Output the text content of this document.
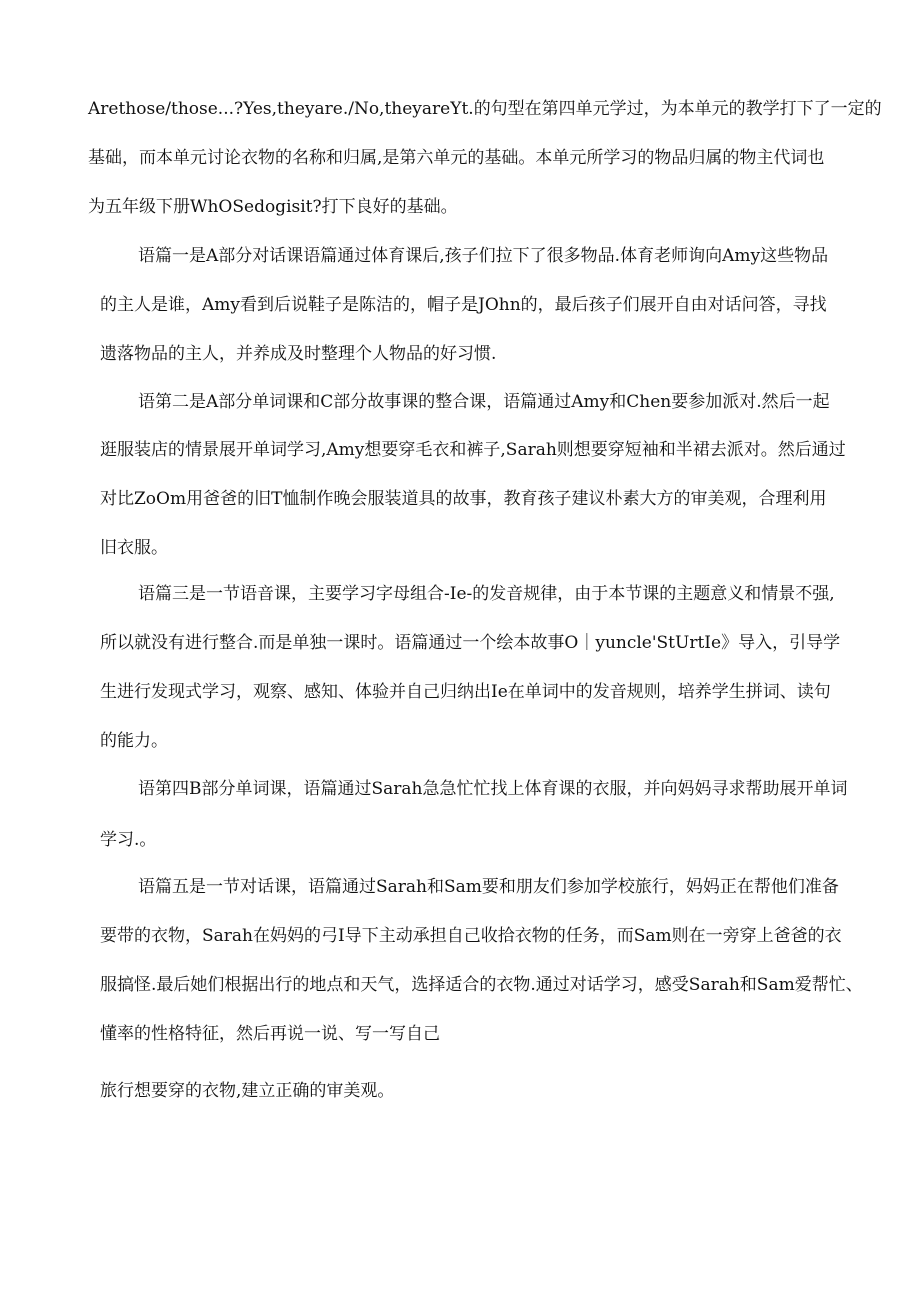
Arethose/those...?Yes,theyare./No,theyareYt.的句型在第四单元学过，为本单元的教学打下了一定的
基础，而本单元讨论衣物的名称和归属,是第六单元的基础。本单元所学习的物品归属的物主代词也
为五年级下册WhOSedogisit?打下良好的基础。
语篇一是A部分对话课语篇通过体育课后,孩子们拉下了很多物品.体育老师询向Amy这些物品
的主人是谁，Amy看到后说鞋子是陈洁的，帽子是JOhn的，最后孩子们展开自由对话问答，寻找
遗落物品的主人，并养成及时整理个人物品的好习惯.
语第二是A部分单词课和C部分故事课的整合课，语篇通过Amy和Chen要参加派对.然后一起
逛服装店的情景展开单词学习,Amy想要穿毛衣和裤子,Sarah则想要穿短袖和半裙去派对。然后通过
对比ZoOm用爸爸的旧T恤制作晚会服装道具的故事，教育孩子建议朴素大方的审美观，合理利用
旧衣服。
语篇三是一节语音课，主要学习字母组合-Ie-的发音规律，由于本节课的主题意义和情景不强,
所以就没有进行整合.而是单独一课时。语篇通过一个绘本故事O｜yuncle'StUrtIe》导入，引导学
生进行发现式学习，观察、感知、体验并自己归纳出Ie在单词中的发音规则，培养学生拼词、读句
的能力。
语第四B部分单词课，语篇通过Sarah急急忙忙找上体育课的衣服，并向妈妈寻求帮助展开单词
学习.。
语篇五是一节对话课，语篇通过Sarah和Sam要和朋友们参加学校旅行，妈妈正在帮他们准备
要带的衣物，Sarah在妈妈的弓I导下主动承担自己收拾衣物的任务，而Sam则在一旁穿上爸爸的衣
服搞怪.最后她们根据出行的地点和天气，选择适合的衣物.通过对话学习，感受Sarah和Sam爱帮忙、
懂率的性格特征，然后再说一说、写一写自己
旅行想要穿的衣物,建立正确的审美观。
